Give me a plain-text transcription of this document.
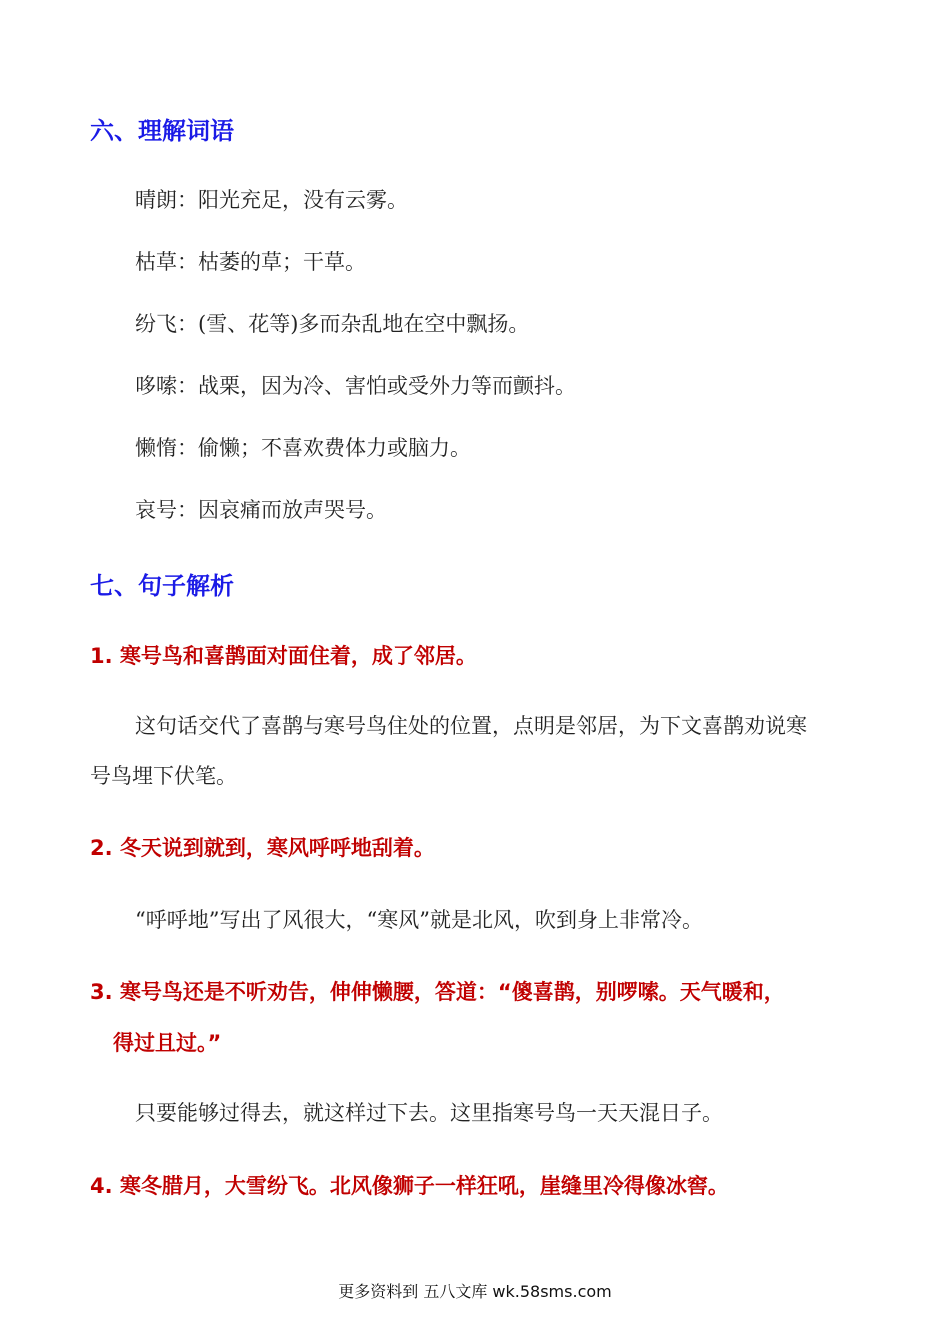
六、理解词语

晴朗：阳光充足，没有云雾。

枯草：枯萎的草；干草。

纷飞：(雪、花等)多而杂乱地在空中飘扬。

哆嗦：战栗，因为冷、害怕或受外力等而颤抖。

懒惰：偷懒；不喜欢费体力或脑力。

哀号：因哀痛而放声哭号。

七、句子解析

1. 寒号鸟和喜鹊面对面住着，成了邻居。

这句话交代了喜鹊与寒号鸟住处的位置，点明是邻居，为下文喜鹊劝说寒

号鸟埋下伏笔。

2. 冬天说到就到，寒风呼呼地刮着。

“呼呼地”写出了风很大，“寒风”就是北风，吹到身上非常冷。

3. 寒号鸟还是不听劝告，伸伸懒腰，答道：“傻喜鹊，别啰嗦。天气暖和，

得过且过。”

只要能够过得去，就这样过下去。这里指寒号鸟一天天混日子。

4. 寒冬腊月，大雪纷飞。北风像狮子一样狂吼，崖缝里冷得像冰窖。

更多资料到 五八文库 wk.58sms.com
